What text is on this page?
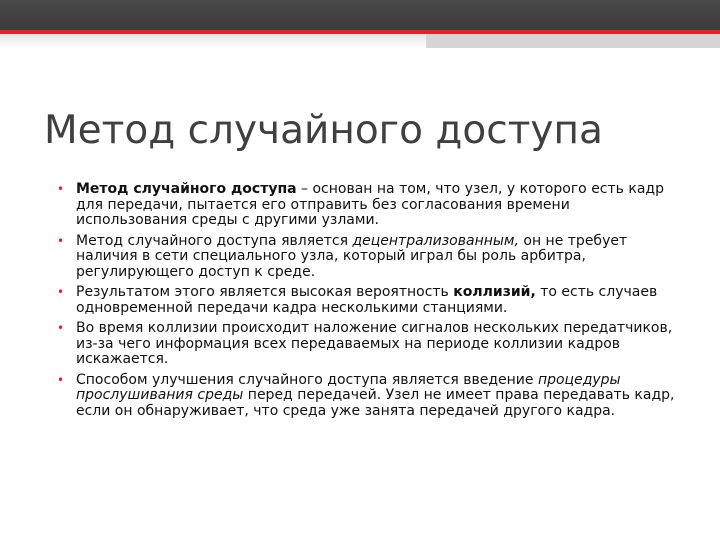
Метод случайного доступа
• Метод случайного доступа – основан на том, что узел, у которого есть кадр для передачи, пытается его отправить без согласования времени использования среды с другими узлами.
• Метод случайного доступа является децентрализованным, он не требует наличия в сети специального узла, который играл бы роль арбитра, регулирующего доступ к среде.
• Результатом этого является высокая вероятность коллизий, то есть случаев одновременной передачи кадра несколькими станциями.
• Во время коллизии происходит наложение сигналов нескольких передатчиков, из-за чего информация всех передаваемых на периоде коллизии кадров искажается.
• Способом улучшения случайного доступа является введение процедуры прослушивания среды перед передачей. Узел не имеет права передавать кадр, если он обнаруживает, что среда уже занята передачей другого кадра.
